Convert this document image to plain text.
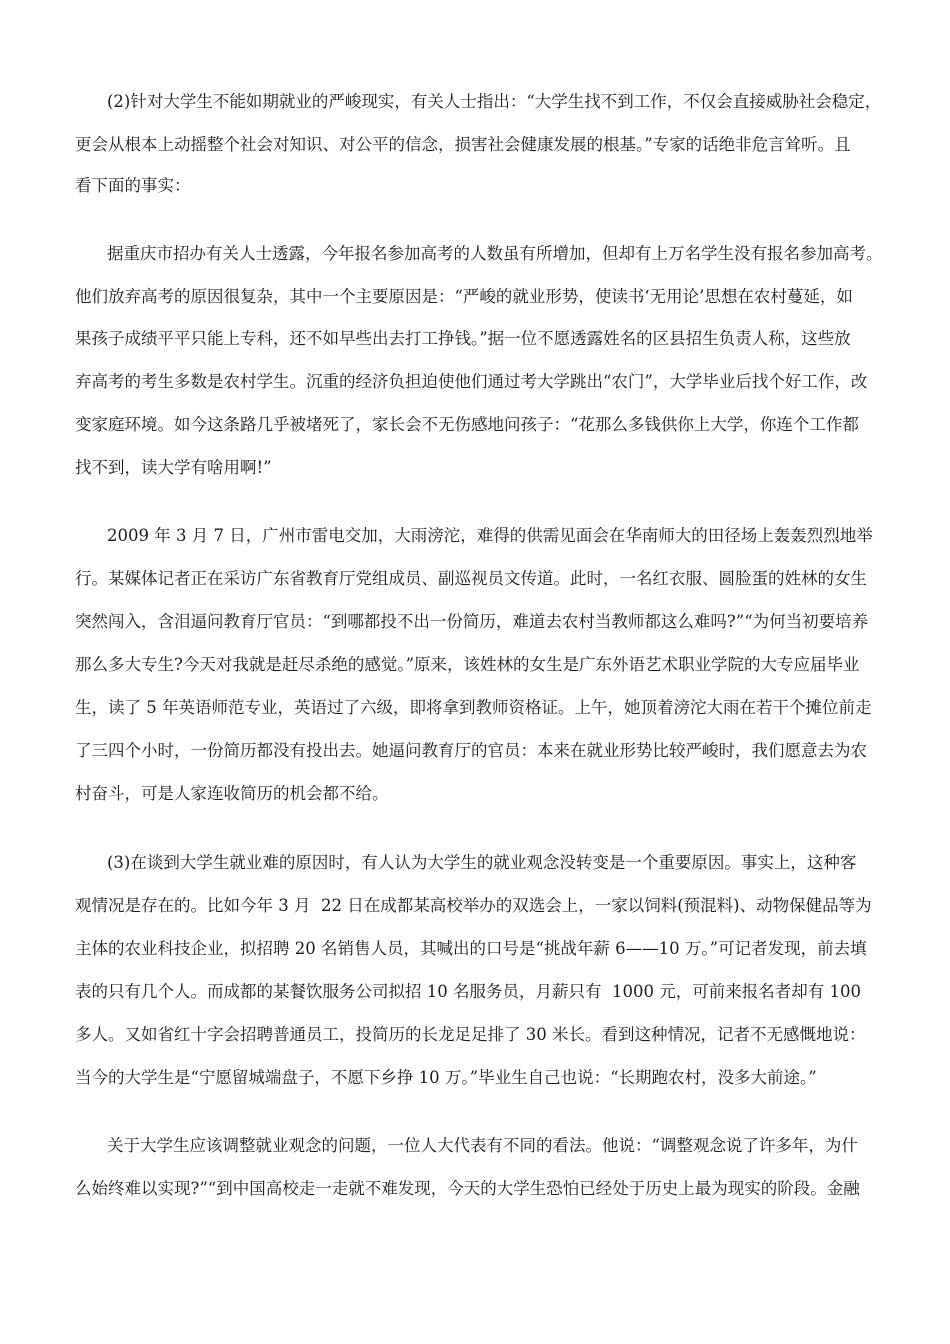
(2)针对大学生不能如期就业的严峻现实，有关人士指出：“大学生找不到工作，不仅会直接威胁社会稳定，
更会从根本上动摇整个社会对知识、对公平的信念，损害社会健康发展的根基。”专家的话绝非危言耸听。且
看下面的事实：
据重庆市招办有关人士透露，今年报名参加高考的人数虽有所增加，但却有上万名学生没有报名参加高考。
他们放弃高考的原因很复杂，其中一个主要原因是：“严峻的就业形势，使读书‘无用论’思想在农村蔓延，如
果孩子成绩平平只能上专科，还不如早些出去打工挣钱。”据一位不愿透露姓名的区县招生负责人称，这些放
弃高考的考生多数是农村学生。沉重的经济负担迫使他们通过考大学跳出“农门”，大学毕业后找个好工作，改
变家庭环境。如今这条路几乎被堵死了，家长会不无伤感地问孩子：“花那么多钱供你上大学，你连个工作都
找不到，读大学有啥用啊!”
2009 年 3 月 7 日，广州市雷电交加，大雨滂沱，难得的供需见面会在华南师大的田径场上轰轰烈烈地举
行。某媒体记者正在采访广东省教育厅党组成员、副巡视员文传道。此时，一名红衣服、圆脸蛋的姓林的女生
突然闯入，含泪逼问教育厅官员：“到哪都投不出一份简历，难道去农村当教师都这么难吗?”“为何当初要培养
那么多大专生?今天对我就是赶尽杀绝的感觉。”原来，该姓林的女生是广东外语艺术职业学院的大专应届毕业
生，读了 5 年英语师范专业，英语过了六级，即将拿到教师资格证。上午，她顶着滂沱大雨在若干个摊位前走
了三四个小时，一份简历都没有投出去。她逼问教育厅的官员：本来在就业形势比较严峻时，我们愿意去为农
村奋斗，可是人家连收简历的机会都不给。
(3)在谈到大学生就业难的原因时，有人认为大学生的就业观念没转变是一个重要原因。事实上，这种客
观情况是存在的。比如今年 3 月  22 日在成都某高校举办的双选会上，一家以饲料(预混料)、动物保健品等为
主体的农业科技企业，拟招聘 20 名销售人员，其喊出的口号是“挑战年薪 6——10 万。”可记者发现，前去填
表的只有几个人。而成都的某餐饮服务公司拟招 10 名服务员，月薪只有  1000 元，可前来报名者却有 100
多人。又如省红十字会招聘普通员工，投简历的长龙足足排了 30 米长。看到这种情况，记者不无感慨地说：
当今的大学生是“宁愿留城端盘子，不愿下乡挣 10 万。”毕业生自己也说：“长期跑农村，没多大前途。”
关于大学生应该调整就业观念的问题，一位人大代表有不同的看法。他说：“调整观念说了许多年，为什
么始终难以实现?”“到中国高校走一走就不难发现，今天的大学生恐怕已经处于历史上最为现实的阶段。金融
